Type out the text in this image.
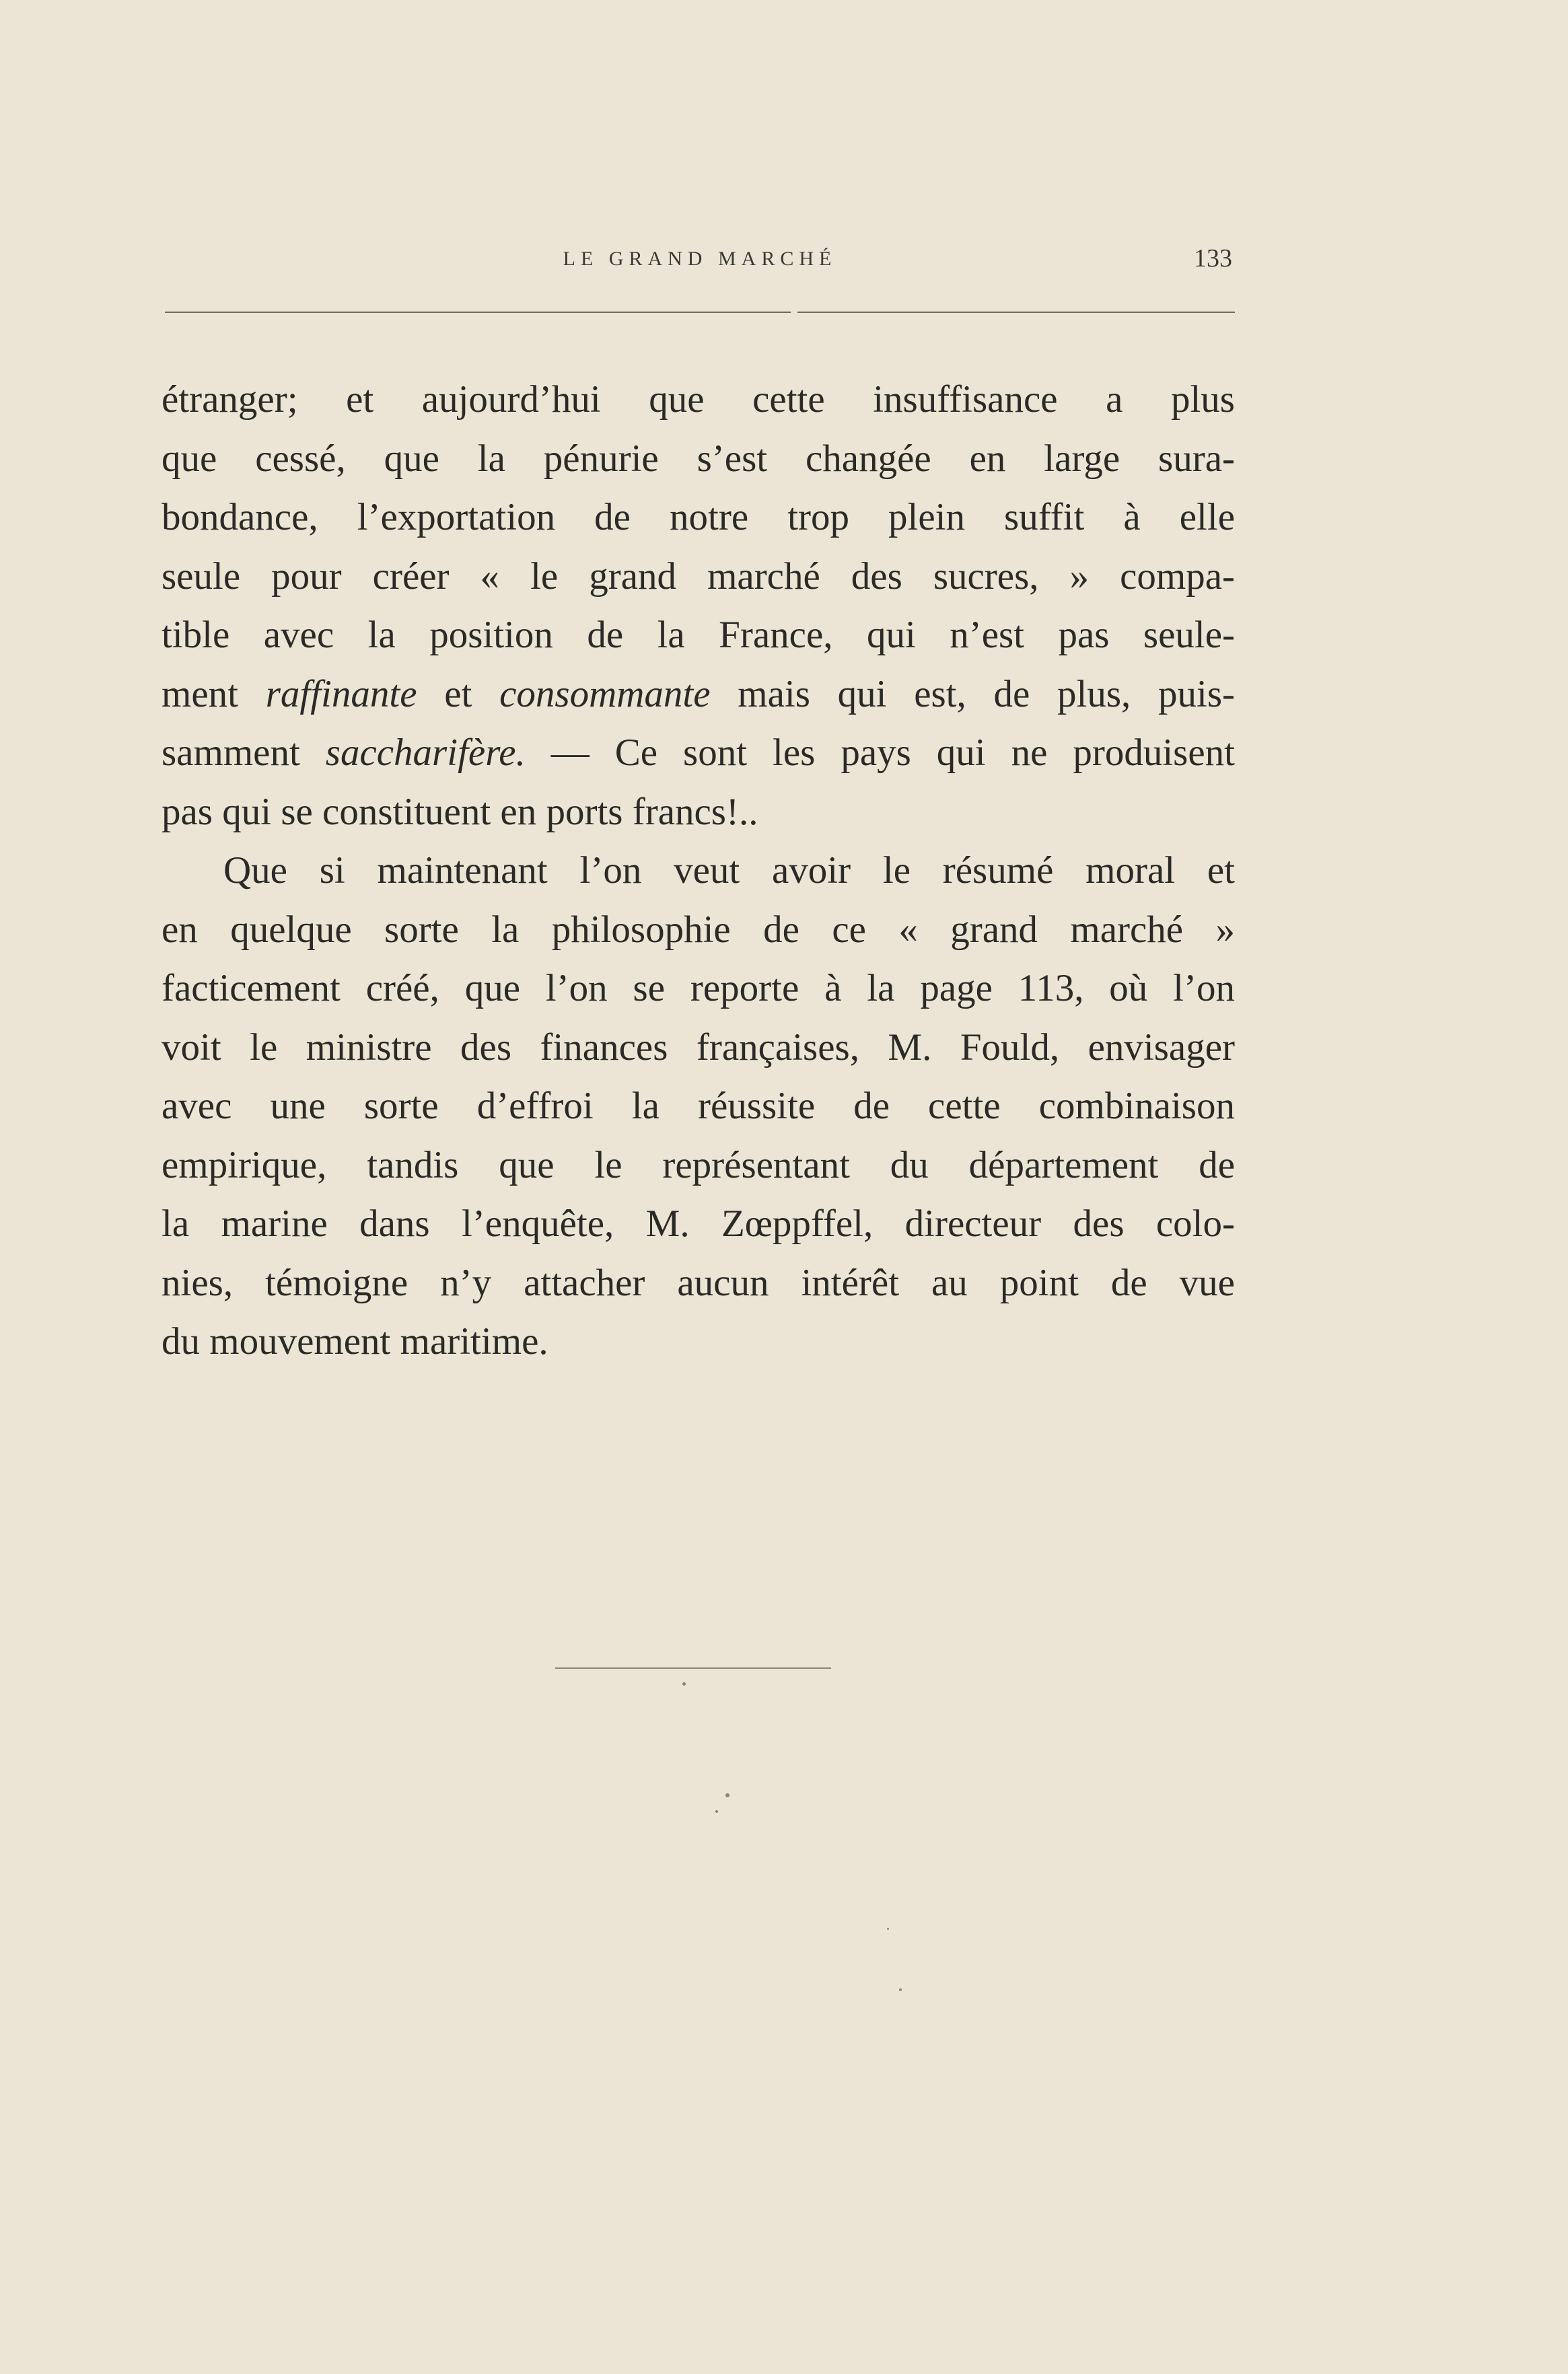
LE GRAND MARCHÉ	133
étranger; et aujourd’hui que cette insuffisance a plus
que cessé, que la pénurie s’est changée en large sura-
bondance, l’exportation de notre trop plein suffit à elle
seule pour créer « le grand marché des sucres, » compa-
tible avec la position de la France, qui n’est pas seule-
ment raffinante et consommante mais qui est, de plus, puis-
samment saccharifère. — Ce sont les pays qui ne produisent
pas qui se constituent en ports francs!..
Que si maintenant l’on veut avoir le résumé moral et
en quelque sorte la philosophie de ce « grand marché »
facticement créé, que l’on se reporte à la page 113, où l’on
voit le ministre des finances françaises, M. Fould, envisager
avec une sorte d’effroi la réussite de cette combinaison
empirique, tandis que le représentant du département de
la marine dans l’enquête, M. Zœppffel, directeur des colo-
nies, témoigne n’y attacher aucun intérêt au point de vue
du mouvement maritime.
